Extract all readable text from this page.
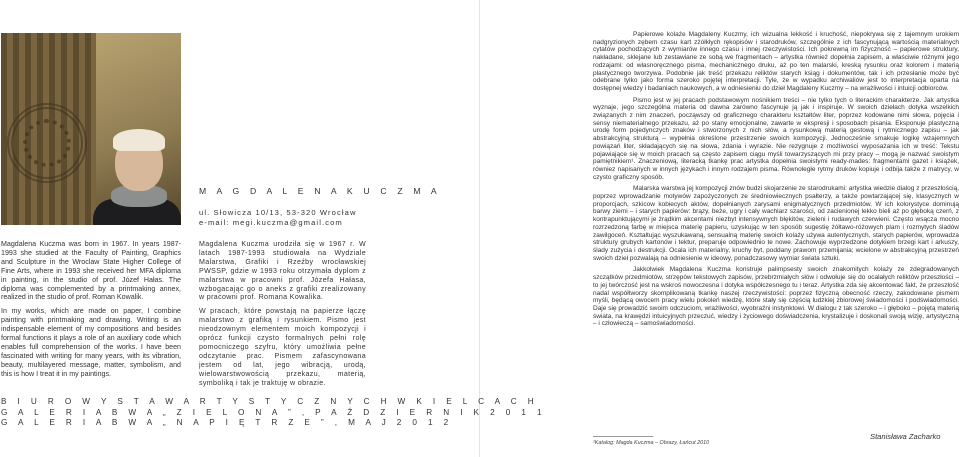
M A G D A L E N A K U C Z M A
ul. Słowicza 10/13, 53-320 Wrocław
e-mail: megi.kuczma@gmail.com

Magdalena Kuczma was born in 1967. In years 1987-1993 she studied at the Faculty of Painting, Graphics and Sculpture in the Wroclaw State Higher College of Fine Arts, where in 1993 she received her MFA diploma in painting, in the studio of prof. Józef Hałas. The diploma was complemented by a printmaking annex, realized in the studio of prof. Roman Kowalik.

In my works, which are made on paper, I combine painting with printmaking and drawing. Writing is an indispensable element of my compositions and besides formal functions it plays a role of an auxiliary code which enables full comprehension of the works. I have been fascinated with writing for many years, with its vibration, beauty, multilayered message, matter, symbolism, and this is how I treat it in my paintings.

Magdalena Kuczma urodziła się w 1967 r. W latach 1987-1993 studiowała na Wydziale Malarstwa, Grafiki i Rzeźby wrocławskiej PWSSP, gdzie w 1993 roku otrzymała dyplom z malarstwa w pracowni prof. Józefa Hałasa, wzbogacając go o aneks z grafiki zrealizowany w pracowni prof. Romana Kowalika.

W pracach, które powstają na papierze łączę malarstwo z grafiką i rysunkiem. Pismo jest nieodzownym elementem moich kompozycji i oprócz funkcji czysto formalnych pełni rolę pomocniczego szyfru, który umożliwia pełne odczytanie prac. Pismem zafascynowana jestem od lat, jego wibracją, urodą, wielowarstwowością przekazu, materią, symboliką i tak je traktuję w obrazie.

B I U R O W Y S T A W A R T Y S T Y C Z N Y C H W K I E L C A C H
G A L E R I A B W A „ Z I E L O N A ” , P A Ź D Z I E R N I K 2 0 1 1
G A L E R I A B W A „ N A P I Ę T R Z E ” , M A J 2 0 1 2

Papierowe kolaże Magdaleny Kuczmy, ich wizualna lekkość i kruchość, niepokrywa się z tajemnym urokiem nadgryzionych zębem czasu kart zżółkłych rękopisów i starodruków, szczególnie z ich fascynującą wartością materialnych cytatów pochodzących z wymiarów innego czasu i innej rzeczywistości. Ich pokrewną im fizyczność – papierowe struktury, nakładane, sklejane lub zestawiane ze sobą we fragmentach – artystka również dopełnia zapisem, a właściwie różnymi jego rodzajami: od własnoręcznego pisma, mechanicznego druku, aż po ten malarski, kreską rysunku oraz kolorem i materią plastycznego tworzywa. Podobnie jak treść przekazu reliktów starych ksiąg i dokumentów, tak i ich przesłanie może być odebrane tylko jako forma szeroko pojętej interpretacji. Tyle, że w wypadku archiwaliów jest to interpretacja oparta na dostępnej wiedzy i badaniach naukowych, a w odniesieniu do dzieł Magdaleny Kuczmy – na wrażliwości i intuicji odbiorców.

Pismo jest w jej pracach podstawowym nośnikiem treści – nie tylko tych o literackim charakterze. Jak artystka wyznaje, jego szczególna materia od dawna zarówno fascynuje ją jak i inspiruje. W swoich dziełach dotyka wszelkich związanych z nim znaczeń, począwszy od graficznego charakteru kształtów liter, poprzez kodowane nimi słowa, pojęcia i sensy niematerialnego przekazu, aż po stany emocjonalne, zawarte w ekspresji i sposobach pisania. Eksponuje plastyczną urodę form pojedynczych znaków i stworzonych z nich słów, a rysunkową materią gestową i rytmicznego zapisu – jak abstrakcyjną strukturą – wypełnia określone przestrzenie swoich kompozycji. Jednocześnie smakuje logikę wzajemnych powiązań liter, składających się na słowa, zdania i wyrazie. Nie rezygnuje z możliwości wyposażania ich w treść: Tekstu pojawiające się w moich pracach są często zapisem ciągu myśli towarzyszących mi przy pracy – mogą je nazwać swoistym pamiętnikiem¹. Znaczeniową, literacką tkankę prac artystka dopełnia swoistymi ready-mades: fragmentami gazet i książek, równiez napisanych w innych językach i innym rodzajem pisma. Równoległe rytmy druków kopiuje i odbija także z matrycy, w czysto graficzny sposób.

Malarska warstwa jej kompozycji znów budzi skojarzenie ze starodrukami: artystka wiedzie dialog z przeszłością, poprzez wprowadzanie motywów zapożyczonych ze średniowiecznych psałterzy, a także powtarzającej się, klasycznych w proporcjach, szkicow kobiecych aktów, dopełnianych zarysami enigmatycznych przedmiotów. W ich kolorystyce dominują barwy ziemi – i starych papierów: brązy, beże, ugry i cały wachlarz szarości, od zacienionej lekko bieli aż po głęboką czerń, z kontrapunktującymi je żrądkim akcentami niezbyt intensywnych błękitów, zieleni i rudawych czerwieni. Często wsącza mocno rozrzedzoną farbę w miejsca materię papieru, uzyskując w ten sposób sugestię żółtawo-różowych plam i rozmytych śladów zawilgoceń. Kształtując wyszukawaną, sensualną materię swoich kolaży używa autentycznych, starych papierów, wprowadza struktury grubych kartonów i tektur, preparuje odpowiednio te nowe. Zachowuje wyprzedzone dotykiem brzegi kart i arkuszy, ślady zużycia i destrukcji. Ocala ich materialny, kruchy byt, poddany prawom przemijania; wcielone w abstrakcyjną przestrzeń swoich dzieł pozwalają na odniesienie w ideowy, ponadczasowy wymiar świata sztuki.

Jakkolwiek Magdalena Kuczma konstruje palimpsesty swoich znakomitych kolaży ze zdegradowanych szczątków przedmiotów, strzępów tekstowych zapisów, przebrzmiałych słów i odwołuje się do ocalałych reliktów przeszłości – to jej twórczość jest na wskroś nowoczesna i dotyka współczesnego tu i teraz. Artystka zda się akcentować fakt, że przeszłość nadal współtworzy skomplikowaną tkankę naszej rzeczywistości: poprzez fizyczną obecność rzeczy, zakodowane pismem myśli, będącą owocem pracy wielu pokoleń wiedzę, które stały się częścią ludzkiej zbiorowej świadomości i podświadomości. Daje się prowadzić swoim odczuciom, wrażliwości, wyobraźni instynktowi. W dialogu z tak szeroko – i głęboko – pojętą materią świata, na krawędzi intuicyjnych przeczuć, wiedzy i życiowego doświadczenia, krystalizuje i doskonali swoją wizję, artystyczną – i człowieczą – samoświadomości.

¹Katalog: Magda Kuczma – Obrazy, Łańcut 2010
Stanisława Zacharko
